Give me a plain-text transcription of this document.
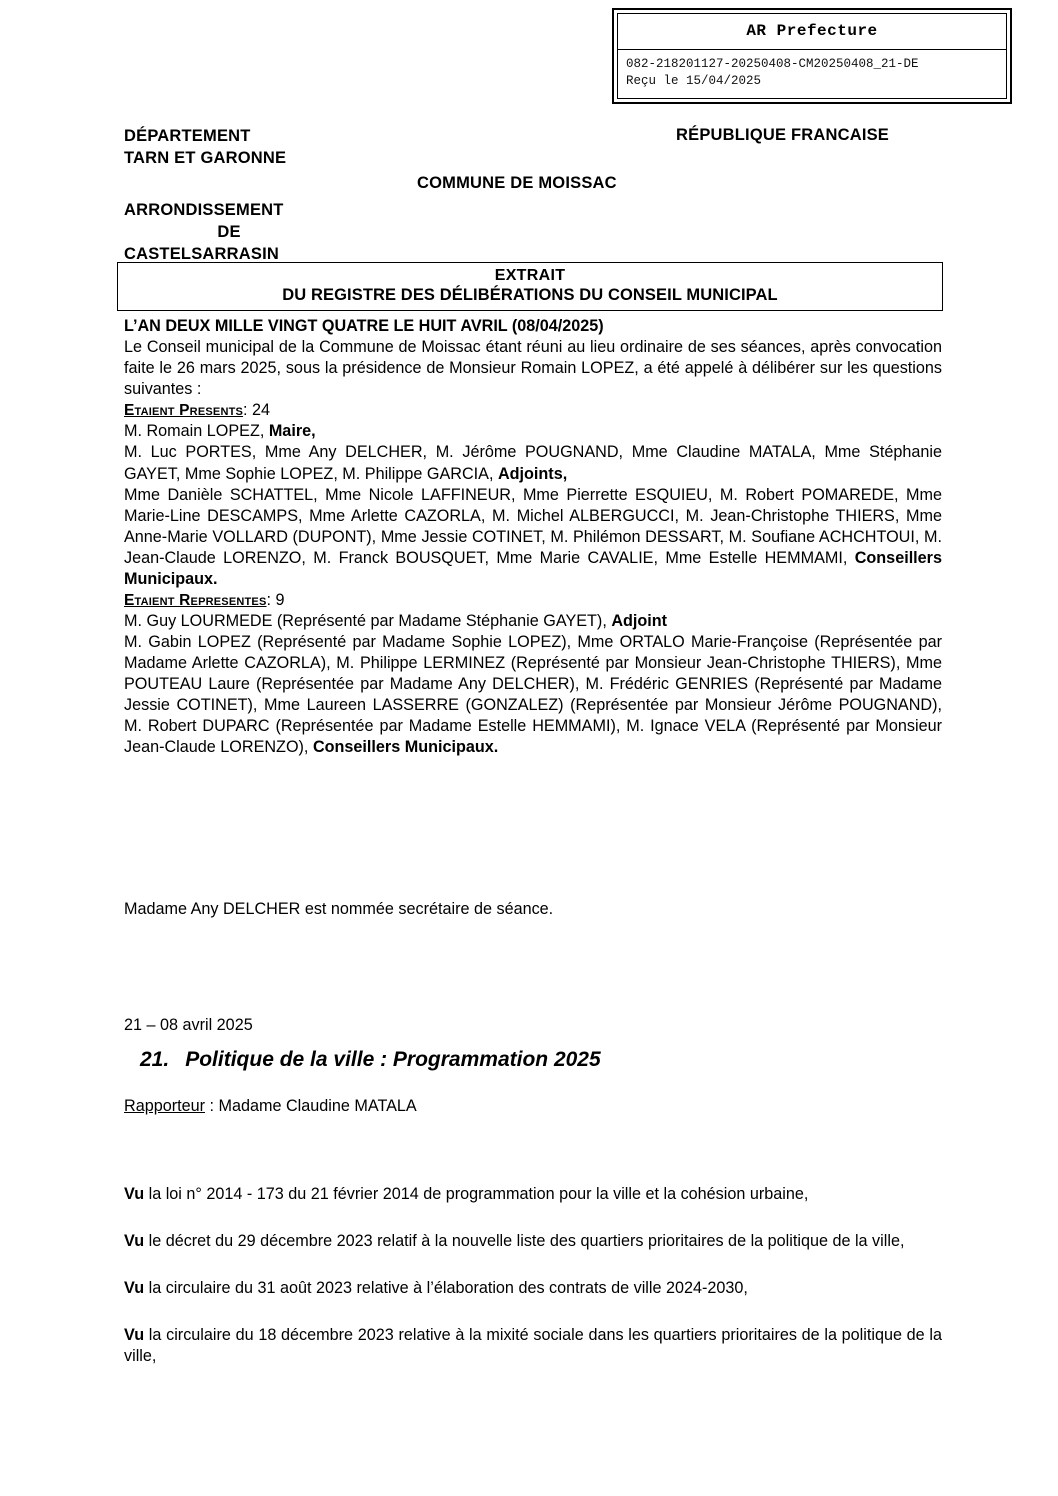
AR Prefecture
082-218201127-20250408-CM20250408_21-DE
Reçu le 15/04/2025
DÉPARTEMENT
TARN ET GARONNE
ARRONDISSEMENT
DE
CASTELSARRASIN
RÉPUBLIQUE FRANCAISE
COMMUNE DE MOISSAC
EXTRAIT
DU REGISTRE DES DÉLIBÉRATIONS DU CONSEIL MUNICIPAL

L’AN DEUX MILLE VINGT QUATRE LE HUIT AVRIL (08/04/2025)

Le Conseil municipal de la Commune de Moissac étant réuni au lieu ordinaire de ses séances, après convocation faite le 26 mars 2025, sous la présidence de Monsieur Romain LOPEZ, a été appelé à délibérer sur les questions suivantes :

Etaient Presents: 24

M. Romain LOPEZ, Maire,

M. Luc PORTES, Mme Any DELCHER, M. Jérôme POUGNAND, Mme Claudine MATALA, Mme Stéphanie GAYET, Mme Sophie LOPEZ, M. Philippe GARCIA, Adjoints,

Mme Danièle SCHATTEL, Mme Nicole LAFFINEUR, Mme Pierrette ESQUIEU, M. Robert POMAREDE, Mme Marie-Line DESCAMPS, Mme Arlette CAZORLA, M. Michel ALBERGUCCI, M. Jean-Christophe THIERS, Mme Anne-Marie VOLLARD (DUPONT), Mme Jessie COTINET, M. Philémon DESSART, M. Soufiane ACHCHTOUI, M. Jean-Claude LORENZO, M. Franck BOUSQUET, Mme Marie CAVALIE, Mme Estelle HEMMAMI, Conseillers Municipaux.

Etaient Representes: 9

M. Guy LOURMEDE (Représenté par Madame Stéphanie GAYET), Adjoint

M. Gabin LOPEZ (Représenté par Madame Sophie LOPEZ), Mme ORTALO Marie-Françoise (Représentée par Madame Arlette CAZORLA), M. Philippe LERMINEZ (Représenté par Monsieur Jean-Christophe THIERS), Mme POUTEAU Laure (Représentée par Madame Any DELCHER), M. Frédéric GENRIES (Représenté par Madame Jessie COTINET), Mme Laureen LASSERRE (GONZALEZ) (Représentée par Monsieur Jérôme POUGNAND), M. Robert DUPARC (Représentée par Madame Estelle HEMMAMI), M. Ignace VELA (Représenté par Monsieur Jean-Claude LORENZO), Conseillers Municipaux.

Madame Any DELCHER est nommée secrétaire de séance.
21 – 08 avril 2025
21. Politique de la ville : Programmation 2025
Rapporteur : Madame Claudine MATALA

Vu la loi n° 2014 - 173 du 21 février 2014 de programmation pour la ville et la cohésion urbaine,

Vu le décret du 29 décembre 2023 relatif à la nouvelle liste des quartiers prioritaires de la politique de la ville,

Vu la circulaire du 31 août 2023 relative à l’élaboration des contrats de ville 2024-2030,

Vu la circulaire du 18 décembre 2023 relative à la mixité sociale dans les quartiers prioritaires de la politique de la ville,
